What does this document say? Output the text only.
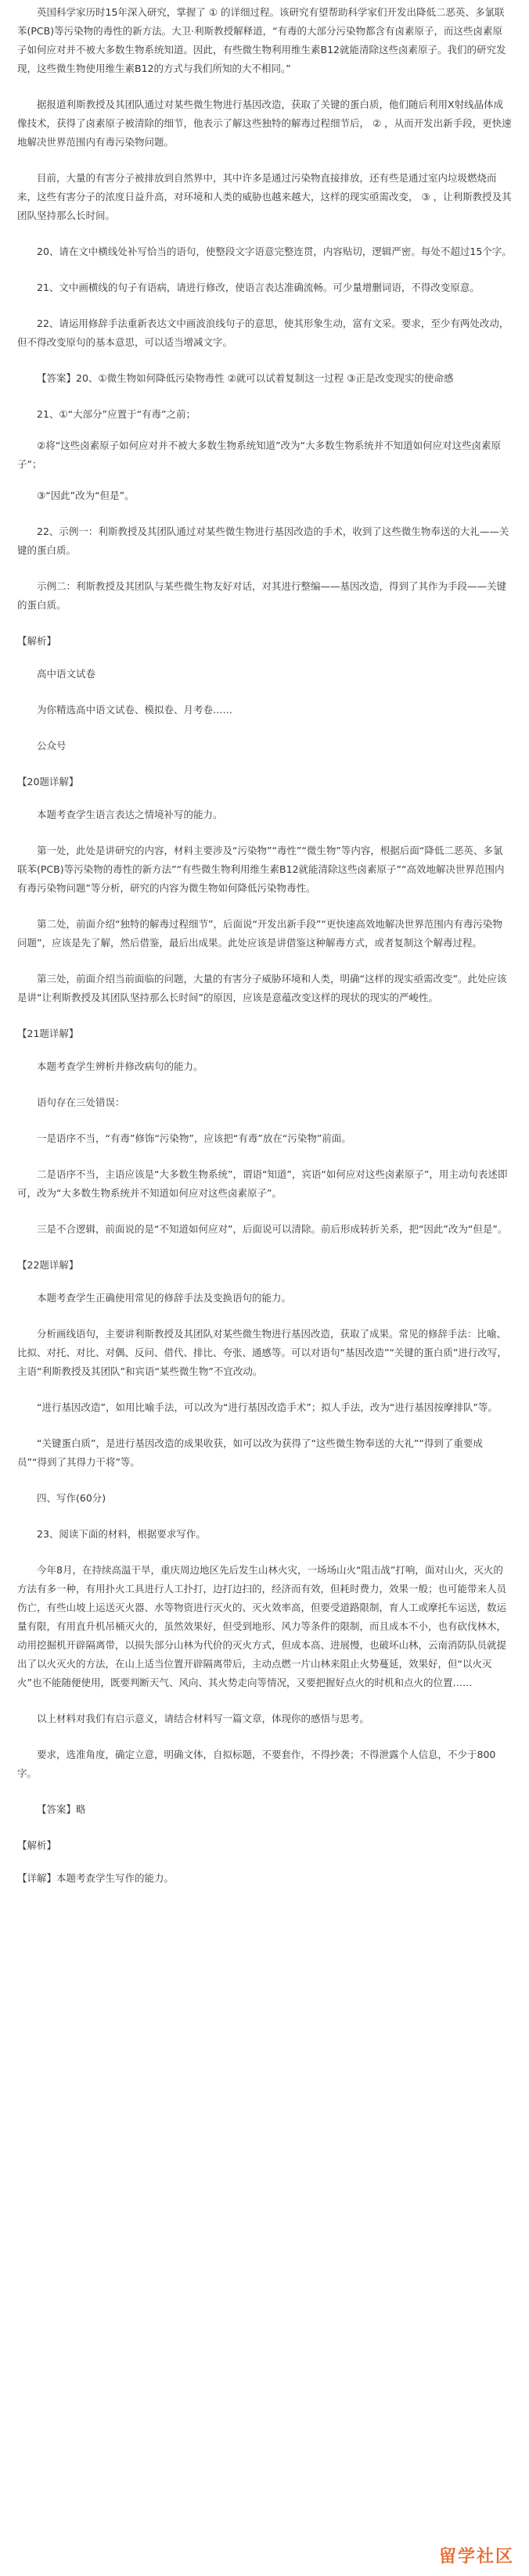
英国科学家历时15年深入研究，掌握了 ① 的详细过程。该研究有望帮助科学家们开发出降低二恶英、多氯联苯(PCB)等污染物的毒性的新方法。大卫·利斯教授解释道，“有毒的大部分污染物都含有卤素原子，而这些卤素原子如何应对并不被大多数生物系统知道。因此，有些微生物利用维生素B12就能清除这些卤素原子。我们的研究发现，这些微生物使用维生素B12的方式与我们所知的大不相同。”

据报道利斯教授及其团队通过对某些微生物进行基因改造，获取了关键的蛋白质，他们随后利用X射线晶体成像技术，获得了卤素原子被清除的细节，他表示了解这些独特的解毒过程细节后， ② ，从而开发出新手段，更快速地解决世界范围内有毒污染物问题。

目前，大量的有害分子被排放到自然界中，其中许多是通过污染物直接排放，还有些是通过室内垃圾燃烧而来，这些有害分子的浓度日益升高，对环境和人类的威胁也越来越大，这样的现实亟需改变， ③ ，让利斯教授及其团队坚持那么长时间。

20、请在文中横线处补写恰当的语句，使整段文字语意完整连贯，内容贴切，逻辑严密。每处不超过15个字。

21、文中画横线的句子有语病，请进行修改，使语言表达准确流畅。可少量增删词语，不得改变原意。

22、请运用修辞手法重新表达文中画波浪线句子的意思，使其形象生动，富有文采。要求，至少有两处改动，但不得改变原句的基本意思，可以适当增减文字。

【答案】20、①微生物如何降低污染物毒性 ②就可以试着复制这一过程 ③正是改变现实的使命感

21、①“大部分”应置于“有毒”之前；

②将“这些卤素原子如何应对并不被大多数生物系统知道”改为“大多数生物系统并不知道如何应对这些卤素原子”；

③“因此”改为“但是”。

22、示例一：利斯教授及其团队通过对某些微生物进行基因改造的手术，收到了这些微生物奉送的大礼——关键的蛋白质。

示例二：利斯教授及其团队与某些微生物友好对话，对其进行整编——基因改造，得到了其作为手段——关键的蛋白质。

【解析】

高中语文试卷

为你精选高中语文试卷、模拟卷、月考卷……

公众号

【20题详解】

本题考查学生语言表达之情境补写的能力。

第一处，此处是讲研究的内容，材料主要涉及“污染物”“毒性”“微生物”等内容，根据后面“降低二恶英、多氯联苯(PCB)等污染物的毒性的新方法”“有些微生物利用维生素B12就能清除这些卤素原子”“高效地解决世界范围内有毒污染物问题”等分析，研究的内容为微生物如何降低污染物毒性。

第二处，前面介绍“独特的解毒过程细节”，后面说“开发出新手段”“更快速高效地解决世界范围内有毒污染物问题”，应该是先了解，然后借鉴，最后出成果。此处应该是讲借鉴这种解毒方式，或者复制这个解毒过程。

第三处，前面介绍当前面临的问题，大量的有害分子威胁环境和人类，明确“这样的现实亟需改变”。此处应该是讲“让利斯教授及其团队坚持那么长时间”的原因，应该是意蕴改变这样的现状的现实的严峻性。

【21题详解】

本题考查学生辨析并修改病句的能力。

语句存在三处错误：

一是语序不当，“有毒”修饰“污染物”，应该把“有毒”放在“污染物”前面。

二是语序不当，主语应该是“大多数生物系统”，谓语“知道”，宾语“如何应对这些卤素原子”，用主动句表述即可，改为“大多数生物系统并不知道如何应对这些卤素原子”。

三是不合逻辑，前面说的是“不知道如何应对”，后面说可以清除。前后形成转折关系，把“因此”改为“但是”。

【22题详解】

本题考查学生正确使用常见的修辞手法及变换语句的能力。

分析画线语句，主要讲利斯教授及其团队对某些微生物进行基因改造，获取了成果。常见的修辞手法：比喻、比拟、对托、对比、对偶、反问、借代、排比、夸张、通感等。可以对语句“基因改造”“关键的蛋白质”进行改写，主语“利斯教授及其团队”和宾语“某些微生物”不宜改动。

“进行基因改造”，如用比喻手法，可以改为“进行基因改造手术”；拟人手法，改为“进行基因按摩排队”等。

“关键蛋白质”，是进行基因改造的成果收获，如可以改为获得了“这些微生物奉送的大礼”“得到了重要成员”“得到了其得力干将”等。

四、写作(60分)

23、阅读下面的材料，根据要求写作。

今年8月，在持续高温干旱，重庆周边地区先后发生山林火灾，一场场山火“阻击战”打响，面对山火，灭火的方法有多一种，有用扑火工具进行人工扑打，边打边扫的，经济而有效，但耗时费力，效果一般；也可能带来人员伤亡，有些山坡上运送灭火器、水等物资进行灭火的、灭火效率高，但要受道路限制，育人工或摩托车运送，数运量有限，有用直升机吊桶灭火的，虽然效果好，但受到地形、风力等条件的限制，而且成本不小，也有砍伐林木，动用挖掘机开辟隔离带，以损失部分山林为代价的灭火方式，但成本高、进展慢，也破坏山林，云南消防队员就提出了以火灭火的方法，在山上适当位置开辟隔离带后，主动点燃一片山林来阻止火势蔓延，效果好，但“以火灭火”也不能随便使用，既要判断天气、风向、其火势走向等情况，又要把握好点火的时机和点火的位置……

以上材料对我们有启示意义，请结合材料写一篇文章，体现你的感悟与思考。

要求，选准角度，确定立意，明确文体，自拟标题，不要套作，不得抄袭；不得泄露个人信息，不少于800字。

【答案】略

【解析】

【详解】本题考查学生写作的能力。

留学社区
